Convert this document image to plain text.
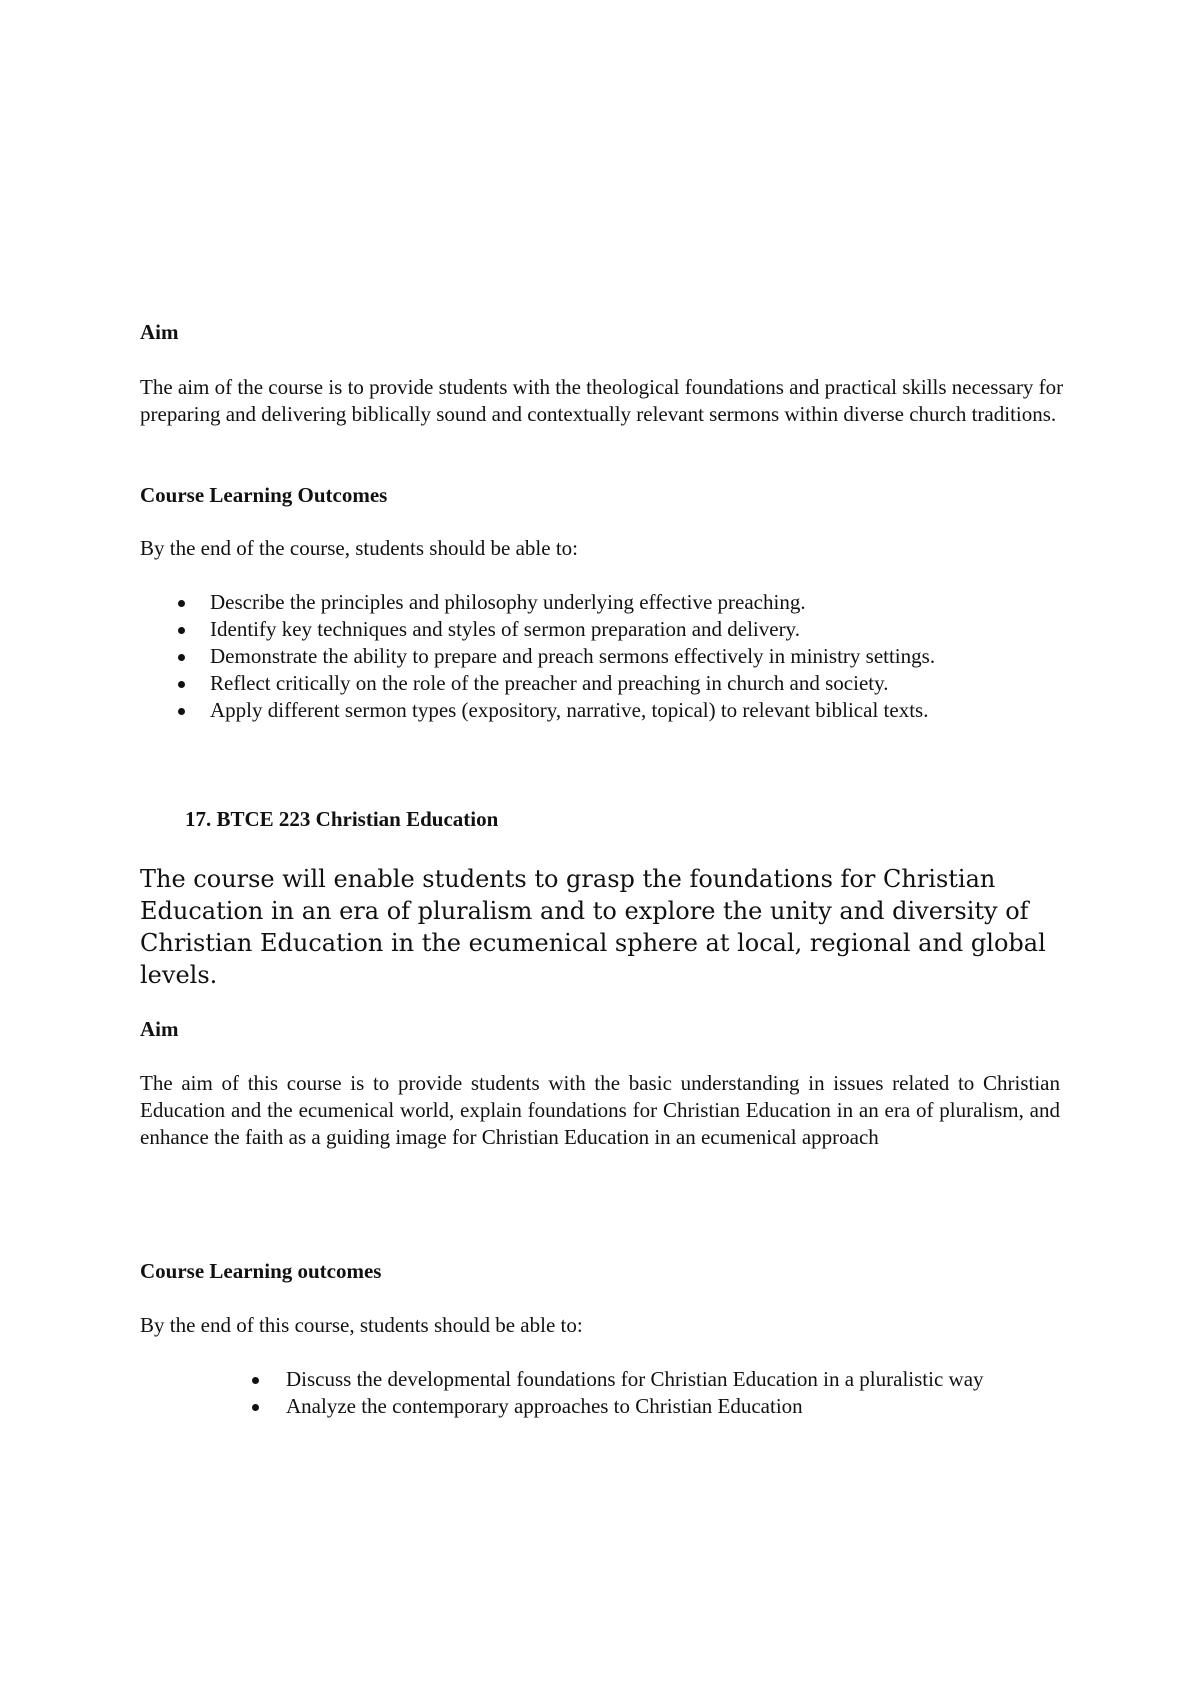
Aim

The aim of the course is to provide students with the theological foundations and practical skills necessary for preparing and delivering biblically sound and contextually relevant sermons within diverse church traditions.

Course Learning Outcomes

By the end of the course, students should be able to:

Describe the principles and philosophy underlying effective preaching.
Identify key techniques and styles of sermon preparation and delivery.
Demonstrate the ability to prepare and preach sermons effectively in ministry settings.
Reflect critically on the role of the preacher and preaching in church and society.
Apply different sermon types (expository, narrative, topical) to relevant biblical texts.

17. BTCE 223 Christian Education

The course will enable students to grasp the foundations for Christian Education in an era of pluralism and to explore the unity and diversity of Christian Education in the ecumenical sphere at local, regional and global levels.

Aim

The aim of this course is to provide students with the basic understanding in issues related to Christian Education and the ecumenical world, explain foundations for Christian Education in an era of pluralism, and enhance the faith as a guiding image for Christian Education in an ecumenical approach

Course Learning outcomes

By the end of this course, students should be able to:

Discuss the developmental foundations for Christian Education in a pluralistic way
Analyze the contemporary approaches to Christian Education
